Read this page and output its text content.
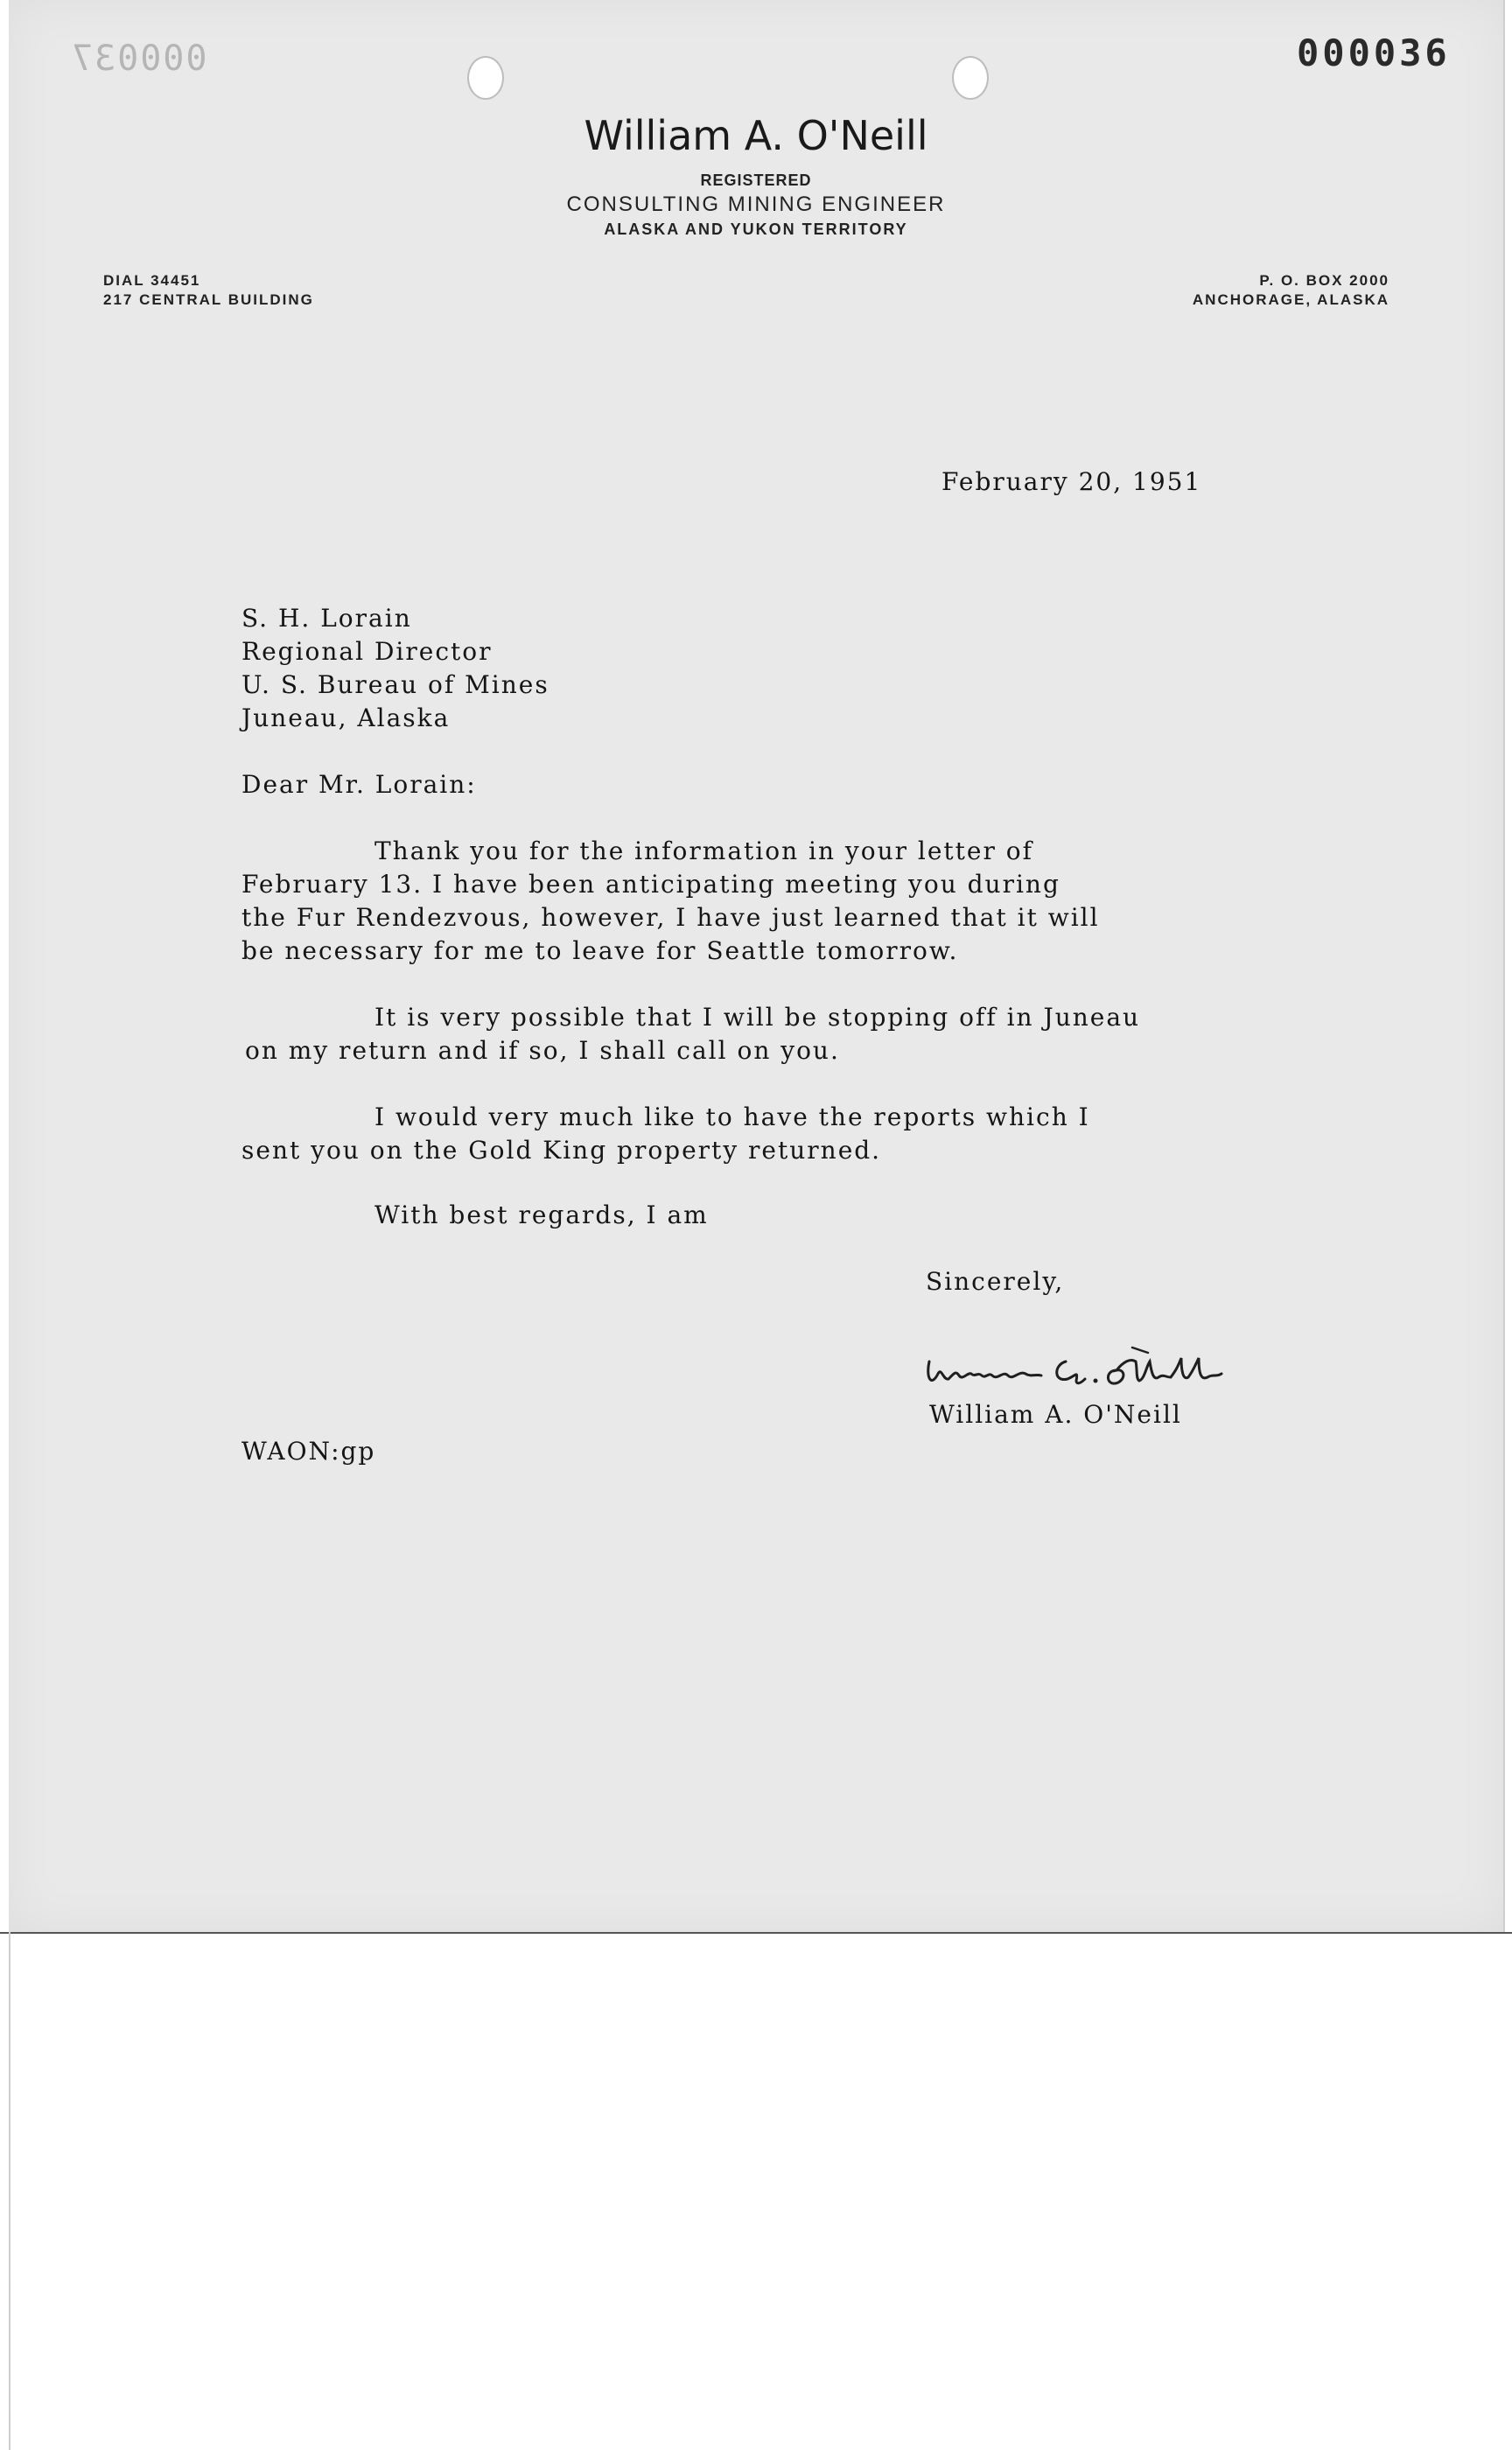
000037	000036
William A. O'Neill
REGISTERED
CONSULTING MINING ENGINEER
ALASKA AND YUKON TERRITORY
DIAL 34451
217 CENTRAL BUILDING
P. O. BOX 2000
ANCHORAGE, ALASKA
February 20, 1951
S. H. Lorain
Regional Director
U. S. Bureau of Mines
Juneau, Alaska
Dear Mr. Lorain:
Thank you for the information in your letter of
February 13. I have been anticipating meeting you during
the Fur Rendezvous, however, I have just learned that it will
be necessary for me to leave for Seattle tomorrow.
It is very possible that I will be stopping off in Juneau
on my return and if so, I shall call on you.
I would very much like to have the reports which I
sent you on the Gold King property returned.
With best regards, I am
Sincerely,
William A. O'Neill
WAON:gp
